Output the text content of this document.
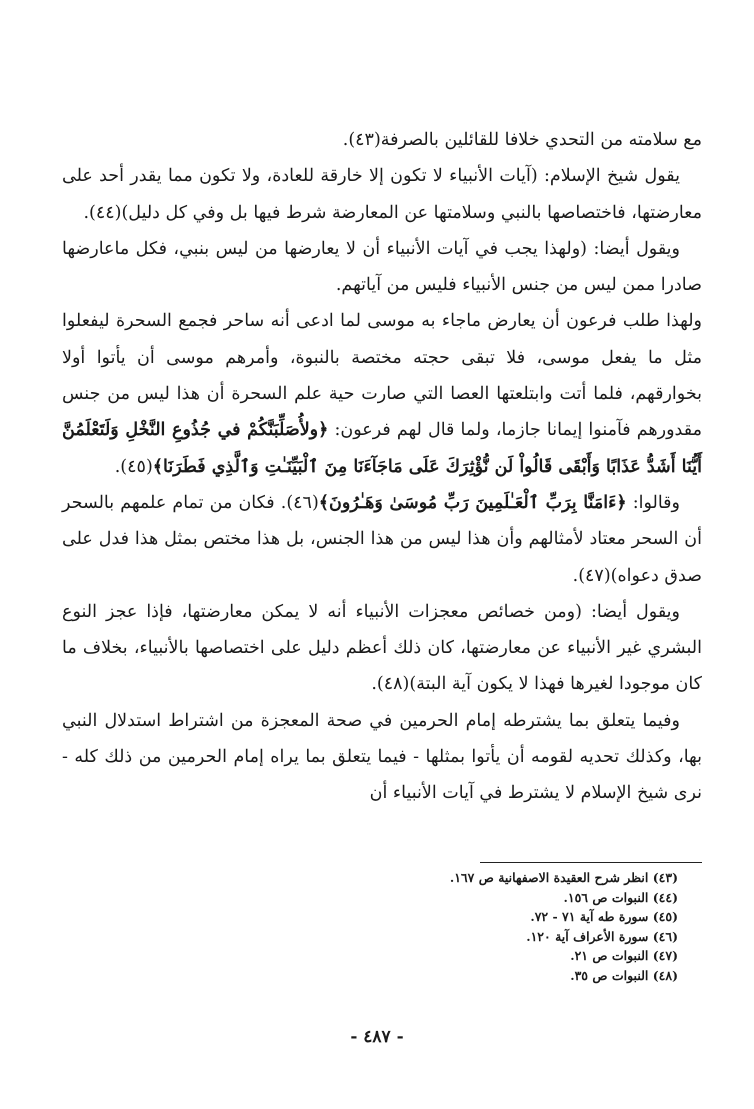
مع سلامته من التحدي خلافا للقائلين بالصرفة(٤٣).

يقول شيخ الإسلام: (آيات الأنبياء لا تكون إلا خارقة للعادة، ولا تكون مما يقدر أحد على معارضتها، فاختصاصها بالنبي وسلامتها عن المعارضة شرط فيها بل وفي كل دليل)(٤٤).

ويقول أيضا: (ولهذا يجب في آيات الأنبياء أن لا يعارضها من ليس بنبي، فكل ماعارضها صادرا ممن ليس من جنس الأنبياء فليس من آياتهم.

ولهذا طلب فرعون أن يعارض ماجاء به موسى لما ادعى أنه ساحر فجمع السحرة ليفعلوا مثل ما يفعل موسى، فلا تبقى حجته مختصة بالنبوة، وأمرهم موسى أن يأتوا أولا بخوارقهم، فلما أتت وابتلعتها العصا التي صارت حية علم السحرة أن هذا ليس من جنس مقدورهم فآمنوا إيمانا جازما، ولما قال لهم فرعون: ﴿ولأُصَلِّبَنَّكُمْ في جُذُوعِ النَّخْلِ وَلَتَعْلَمُنَّ أَيُّنَا أَشَدُّ عَذَابًا وَأَبْقَى قَالُواْ لَن نُّؤْثِرَكَ عَلَى مَاجَآءَنَا مِنَ ٱلْبَيِّنَـٰتِ وَٱلَّذِي فَطَرَنَا﴾(٤٥).

وقالوا: ﴿ءَامَنَّا بِرَبِّ ٱلْعَـٰلَمِينَ رَبِّ مُوسَىٰ وَهَـٰرُونَ﴾(٤٦). فكان من تمام علمهم بالسحر أن السحر معتاد لأمثالهم وأن هذا ليس من هذا الجنس، بل هذا مختص بمثل هذا فدل على صدق دعواه)(٤٧).

ويقول أيضا: (ومن خصائص معجزات الأنبياء أنه لا يمكن معارضتها، فإذا عجز النوع البشري غير الأنبياء عن معارضتها، كان ذلك أعظم دليل على اختصاصها بالأنبياء، بخلاف ما كان موجودا لغيرها فهذا لا يكون آية البتة)(٤٨).

وفيما يتعلق بما يشترطه إمام الحرمين في صحة المعجزة من اشتراط استدلال النبي بها، وكذلك تحديه لقومه أن يأتوا بمثلها - فيما يتعلق بما يراه إمام الحرمين من ذلك كله - نرى شيخ الإسلام لا يشترط في آيات الأنبياء أن

(٤٣) انظر شرح العقيدة الاصفهانية ص ١٦٧.
(٤٤) النبوات ص ١٥٦.
(٤٥) سورة طه آية ٧١ - ٧٢.
(٤٦) سورة الأعراف آية ١٢٠.
(٤٧) النبوات ص ٢١.
(٤٨) النبوات ص ٣٥.
- ٤٨٧ -
